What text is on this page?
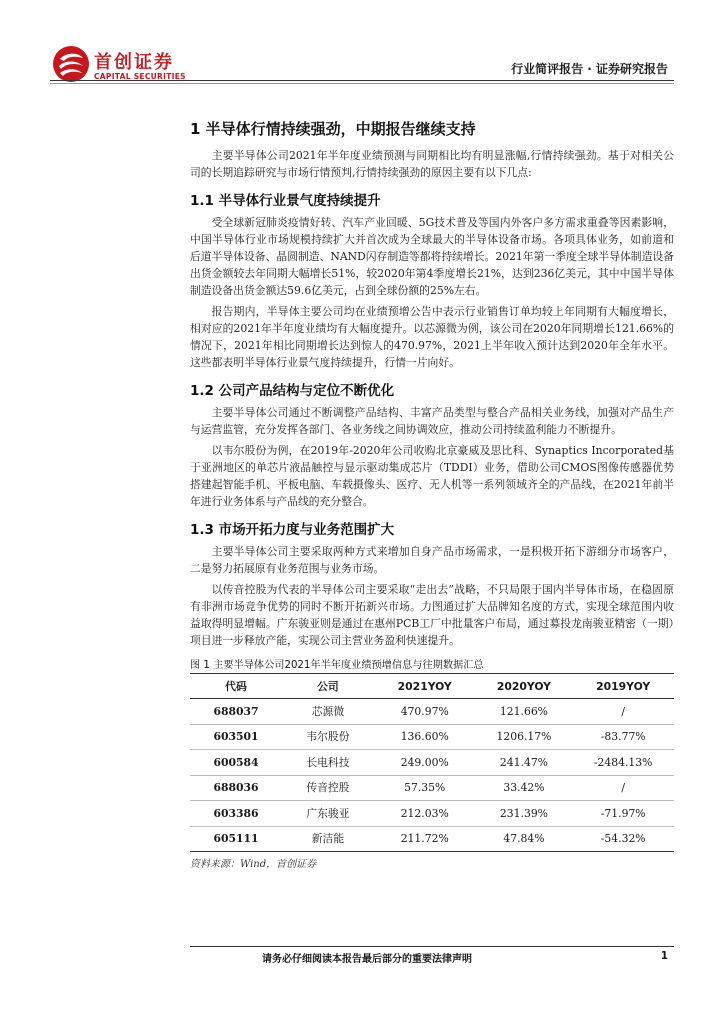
首创证券
CAPITAL SECURITIES
行业简评报告 · 证券研究报告
1 半导体行情持续强劲，中期报告继续支持

主要半导体公司2021年半年度业绩预测与同期相比均有明显涨幅,行情持续强劲。基于对相关公司的长期追踪研究与市场行情预判,行情持续强劲的原因主要有以下几点:

1.1 半导体行业景气度持续提升

受全球新冠肺炎疫情好转、汽车产业回暖、5G技术普及等国内外客户多方需求重叠等因素影响，中国半导体行业市场规模持续扩大并首次成为全球最大的半导体设备市场。各项具体业务，如前道和后道半导体设备、晶圆制造、NAND闪存制造等都将持续增长。2021年第一季度全球半导体制造设备出货金额较去年同期大幅增长51%，较2020年第4季度增长21%，达到236亿美元，其中中国半导体制造设备出货金额达59.6亿美元，占到全球份额的25%左右。

报告期内，半导体主要公司均在业绩预增公告中表示行业销售订单均较上年同期有大幅度增长，相对应的2021年半年度业绩均有大幅度提升。以芯源微为例，该公司在2020年同期增长121.66%的情况下，2021年相比同期增长达到惊人的470.97%，2021上半年收入预计达到2020年全年水平。这些都表明半导体行业景气度持续提升，行情一片向好。

1.2 公司产品结构与定位不断优化

主要半导体公司通过不断调整产品结构、丰富产品类型与整合产品相关业务线，加强对产品生产与运营监管，充分发挥各部门、各业务线之间协调效应，推动公司持续盈利能力不断提升。

以韦尔股份为例，在2019年-2020年公司收购北京豪威及思比科、Synaptics Incorporated基于亚洲地区的单芯片液晶触控与显示驱动集成芯片（TDDI）业务，借助公司CMOS图像传感器优势搭建起智能手机、平板电脑、车载摄像头、医疗、无人机等一系列领域齐全的产品线，在2021年前半年进行业务体系与产品线的充分整合。

1.3 市场开拓力度与业务范围扩大

主要半导体公司主要采取两种方式来增加自身产品市场需求，一是积极开拓下游细分市场客户，二是努力拓展原有业务范围与业务市场。

以传音控股为代表的半导体公司主要采取“走出去”战略，不只局限于国内半导体市场，在稳固原有非洲市场竞争优势的同时不断开拓新兴市场。力图通过扩大品牌知名度的方式，实现全球范围内收益取得明显增幅。广东骏亚则是通过在惠州PCB工厂中批量客户布局，通过募投龙南骏亚精密（一期）项目进一步释放产能，实现公司主营业务盈利快速提升。

图 1 主要半导体公司2021年半年度业绩预增信息与往期数据汇总
代码	公司	2021YOY	2020YOY	2019YOY
688037	芯源微	470.97%	121.66%	/
603501	韦尔股份	136.60%	1206.17%	-83.77%
600584	长电科技	249.00%	241.47%	-2484.13%
688036	传音控股	57.35%	33.42%	/
603386	广东骏亚	212.03%	231.39%	-71.97%
605111	新洁能	211.72%	47.84%	-54.32%
资料来源：Wind，首创证券
请务必仔细阅读本报告最后部分的重要法律声明	1
